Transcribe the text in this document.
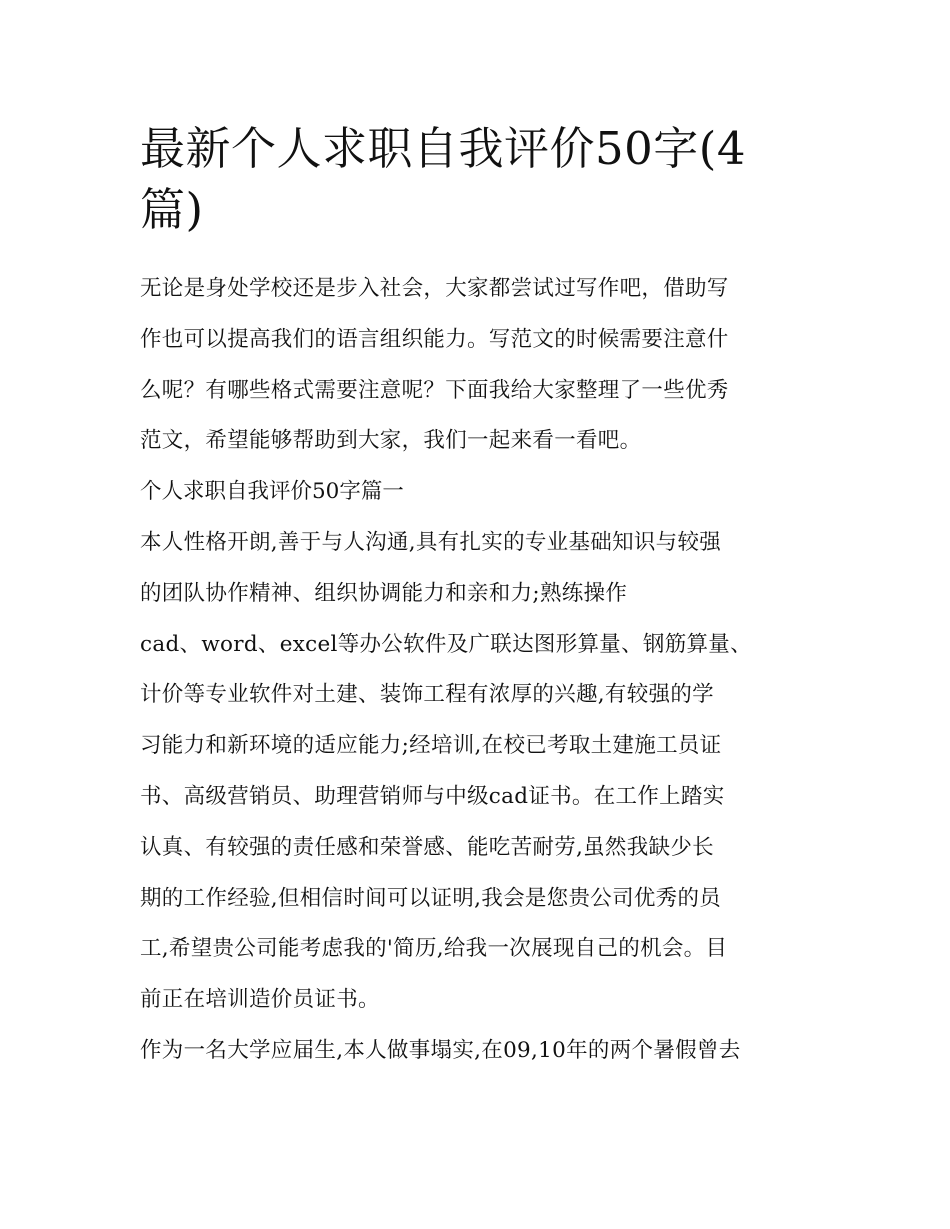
最新个人求职自我评价50字(4
篇)

无论是身处学校还是步入社会，大家都尝试过写作吧，借助写
作也可以提高我们的语言组织能力。写范文的时候需要注意什
么呢？有哪些格式需要注意呢？下面我给大家整理了一些优秀
范文，希望能够帮助到大家，我们一起来看一看吧。

个人求职自我评价50字篇一

本人性格开朗,善于与人沟通,具有扎实的专业基础知识与较强
的团队协作精神、组织协调能力和亲和力;熟练操作
cad、word、excel等办公软件及广联达图形算量、钢筋算量、
计价等专业软件对土建、装饰工程有浓厚的兴趣,有较强的学
习能力和新环境的适应能力;经培训,在校已考取土建施工员证
书、高级营销员、助理营销师与中级cad证书。在工作上踏实
认真、有较强的责任感和荣誉感、能吃苦耐劳,虽然我缺少长
期的工作经验,但相信时间可以证明,我会是您贵公司优秀的员
工,希望贵公司能考虑我的'简历,给我一次展现自己的机会。目
前正在培训造价员证书。

作为一名大学应届生,本人做事塌实,在09,10年的两个暑假曾去
